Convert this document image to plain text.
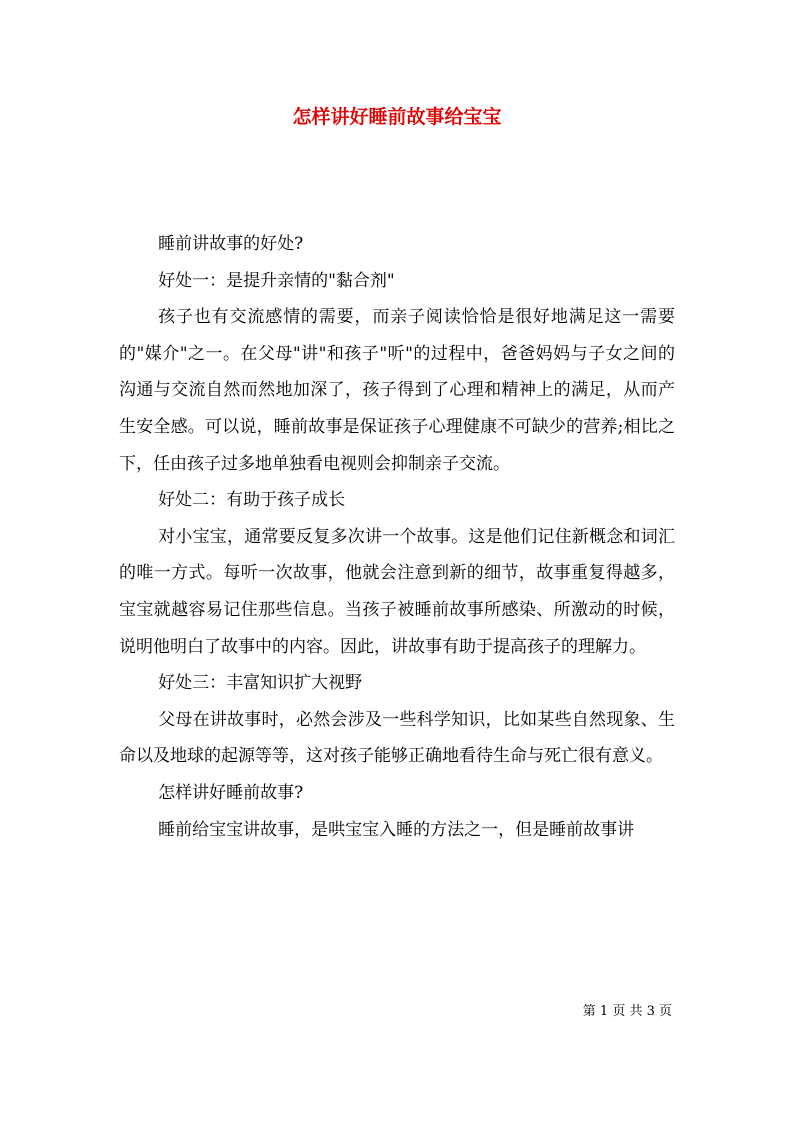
怎样讲好睡前故事给宝宝

睡前讲故事的好处?

好处一：是提升亲情的"黏合剂"

孩子也有交流感情的需要，而亲子阅读恰恰是很好地满足这一需要的"媒介"之一。在父母"讲"和孩子"听"的过程中，爸爸妈妈与子女之间的沟通与交流自然而然地加深了，孩子得到了心理和精神上的满足，从而产生安全感。可以说，睡前故事是保证孩子心理健康不可缺少的营养;相比之下，任由孩子过多地单独看电视则会抑制亲子交流。

好处二：有助于孩子成长

对小宝宝，通常要反复多次讲一个故事。这是他们记住新概念和词汇的唯一方式。每听一次故事，他就会注意到新的细节，故事重复得越多，宝宝就越容易记住那些信息。当孩子被睡前故事所感染、所激动的时候，说明他明白了故事中的内容。因此，讲故事有助于提高孩子的理解力。

好处三：丰富知识扩大视野

父母在讲故事时，必然会涉及一些科学知识，比如某些自然现象、生命以及地球的起源等等，这对孩子能够正确地看待生命与死亡很有意义。

怎样讲好睡前故事?

睡前给宝宝讲故事，是哄宝宝入睡的方法之一，但是睡前故事讲

第 1 页 共 3 页
